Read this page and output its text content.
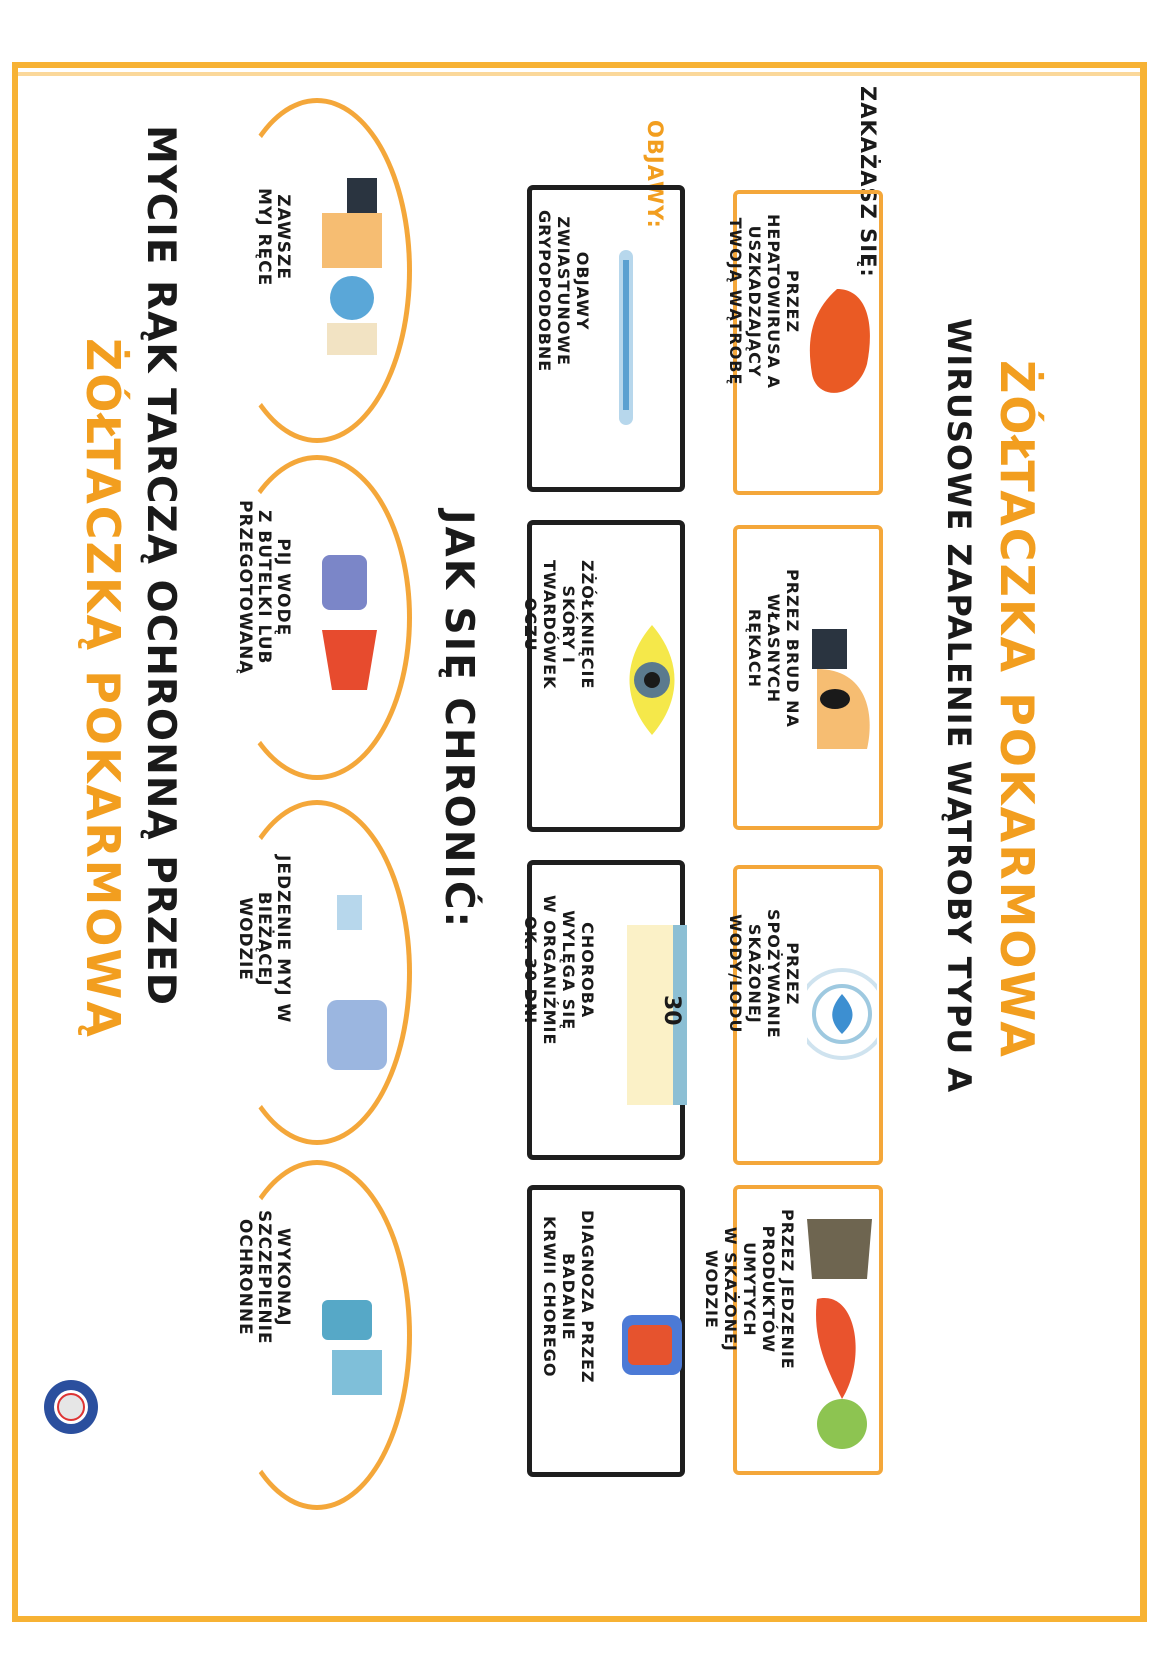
ŻÓŁTACZKA POKARMOWA
WIRUSOWE ZAPALENIE WĄTROBY TYPU A
ZAKAŻASZ SIĘ:
PRZEZ
HEPATOWIRUSA A
USZKADZAJĄCY
TWOJĄ WĄTROBĘ
PRZEZ BRUD NA
WŁASNYCH
RĘKACH
PRZEZ
SPOŻYWANIE
SKAŻONEJ
WODY/LODU
PRZEZ JEDZENIE
PRODUKTÓW
UMYTYCH
W SKAŻONEJ
WODZIE
OBJAWY:
OBJAWY
ZWIASTUNOWE
GRYPOPODOBNE
ZŻÓŁKNIĘCIE
SKÓRY I
TWARDÓWEK
OCZU
30
CHOROBA
WYLĘGA SIĘ
W ORGANIŹMIE
OK. 30 DNI
DIAGNOZA PRZEZ
BADANIE
KRWII CHOREGO
JAK SIĘ CHRONIĆ:
ZAWSZE
MYJ RĘCE
PIJ WODĘ
Z BUTELKI LUB
PRZEGOTOWANĄ
JEDZENIE MYJ W
BIEŻĄCEJ
WODZIE
WYKONAJ
SZCZEPIENIE
OCHRONNE
MYCIE RĄK TARCZĄ OCHRONNĄ PRZED
ŻÓŁTACZKĄ POKARMOWĄ
